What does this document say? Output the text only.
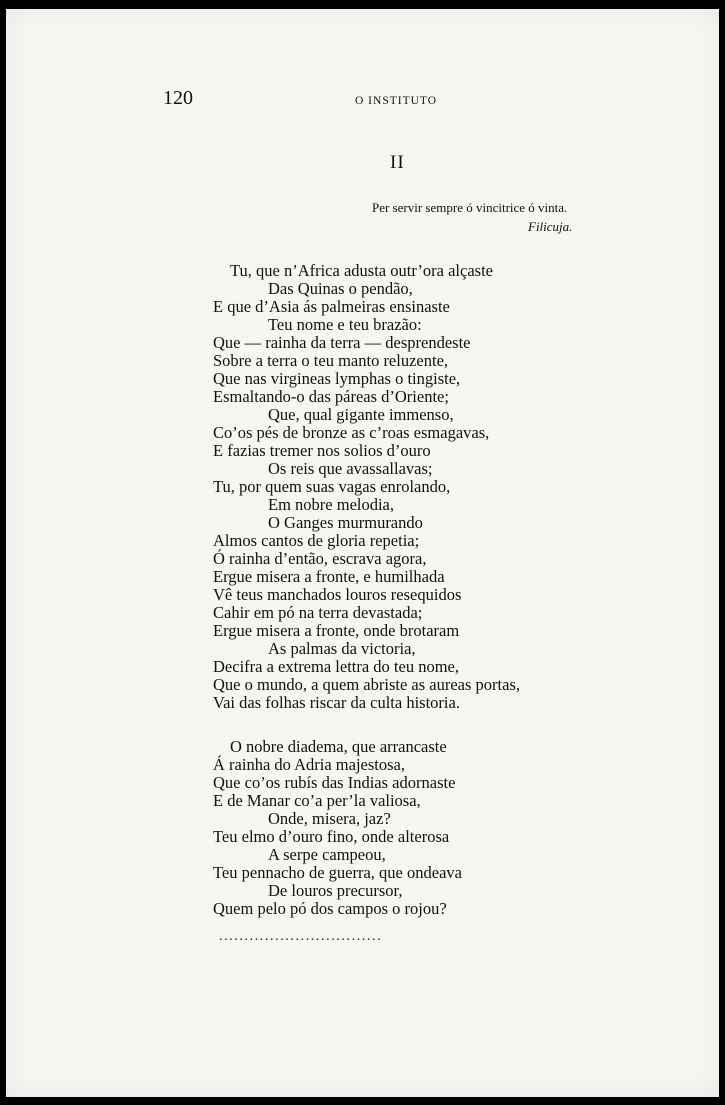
120	O INSTITUTO
II
Per servir sempre ó vincitrice ó vinta.
Filicuja.
Tu, que n’Africa adusta outr’ora alçaste
Das Quinas o pendão,
E que d’Asia ás palmeiras ensinaste
Teu nome e teu brazão:
Que — rainha da terra — desprendeste
Sobre a terra o teu manto reluzente,
Que nas virgineas lymphas o tingiste,
Esmaltando-o das páreas d’Oriente;
Que, qual gigante immenso,
Co’os pés de bronze as c’roas esmagavas,
E fazias tremer nos solios d’ouro
Os reis que avassallavas;
Tu, por quem suas vagas enrolando,
Em nobre melodia,
O Ganges murmurando
Almos cantos de gloria repetia;
Ó rainha d’então, escrava agora,
Ergue misera a fronte, e humilhada
Vê teus manchados louros resequidos
Cahir em pó na terra devastada;
Ergue misera a fronte, onde brotaram
As palmas da victoria,
Decifra a extrema lettra do teu nome,
Que o mundo, a quem abriste as aureas portas,
Vai das folhas riscar da culta historia.
O nobre diadema, que arrancaste
Á rainha do Adria majestosa,
Que co’os rubís das Indias adornaste
E de Manar co’a per’la valiosa,
Onde, misera, jaz?
Teu elmo d’ouro fino, onde alterosa
A serpe campeou,
Teu pennacho de guerra, que ondeava
De louros precursor,
Quem pelo pó dos campos o rojou?
................................
